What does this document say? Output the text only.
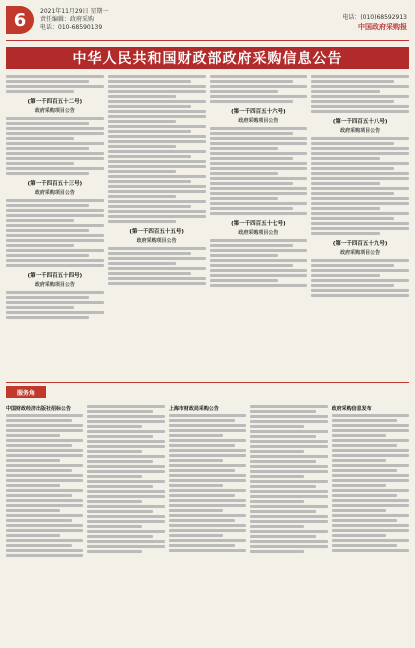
6	2021年11月29日 星期一
责任编辑：政府采购
电话：010-68590139
电话：(010)68592913
中国政府采购报
中华人民共和国财政部政府采购信息公告
(第一千四百五十二号)
政府采购项目公告
(第一千四百五十三号)
政府采购项目公告
(第一千四百五十四号)
政府采购项目公告
(第一千四百五十五号)
政府采购项目公告
(第一千四百五十六号)
政府采购项目公告
(第一千四百五十七号)
政府采购项目公告
(第一千四百五十八号)
政府采购项目公告
(第一千四百五十九号)
政府采购项目公告
服务角
中国财政经济出版社招标公告	上海市财政局采购公告	政府采购信息发布
